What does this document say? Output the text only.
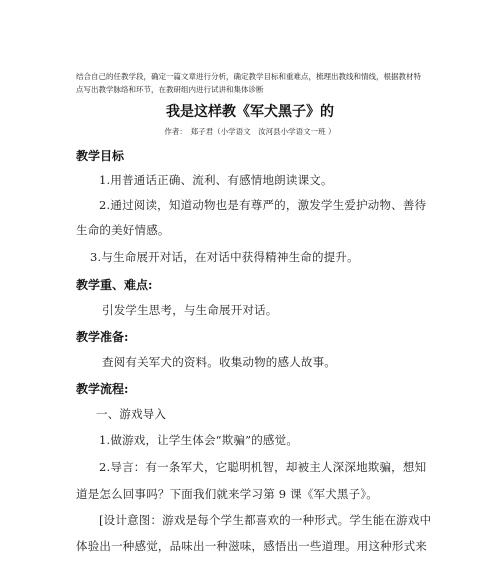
结合自己的任教学段，确定一篇文章进行分析，确定教学目标和重难点，梳理出教线和情线，根据教材特
点写出教学脉络和环节，在教研组内进行试讲和集体诊断
我是这样教《军犬黑子》的
作者：　郑子君（小学语文　汝河县小学语文一班 ）
教学目标
1.用普通话正确、流利、有感情地朗读课文。
2.通过阅读，知道动物也是有尊严的，激发学生爱护动物、善待
生命的美好情感。
3.与生命展开对话，在对话中获得精神生命的提升。
教学重、难点:
引发学生思考，与生命展开对话。
教学准备:
查阅有关军犬的资料。收集动物的感人故事。
教学流程:
一、游戏导入
1.做游戏，让学生体会“欺骗”的感觉。
2.导言：有一条军犬，它聪明机智，却被主人深深地欺骗，想知
道是怎么回事吗？下面我们就来学习第 9 课《军犬黑子》。
[设计意图：游戏是每个学生都喜欢的一种形式。学生能在游戏中
体验出一种感觉，品味出一种滋味，感悟出一些道理。用这种形式来
